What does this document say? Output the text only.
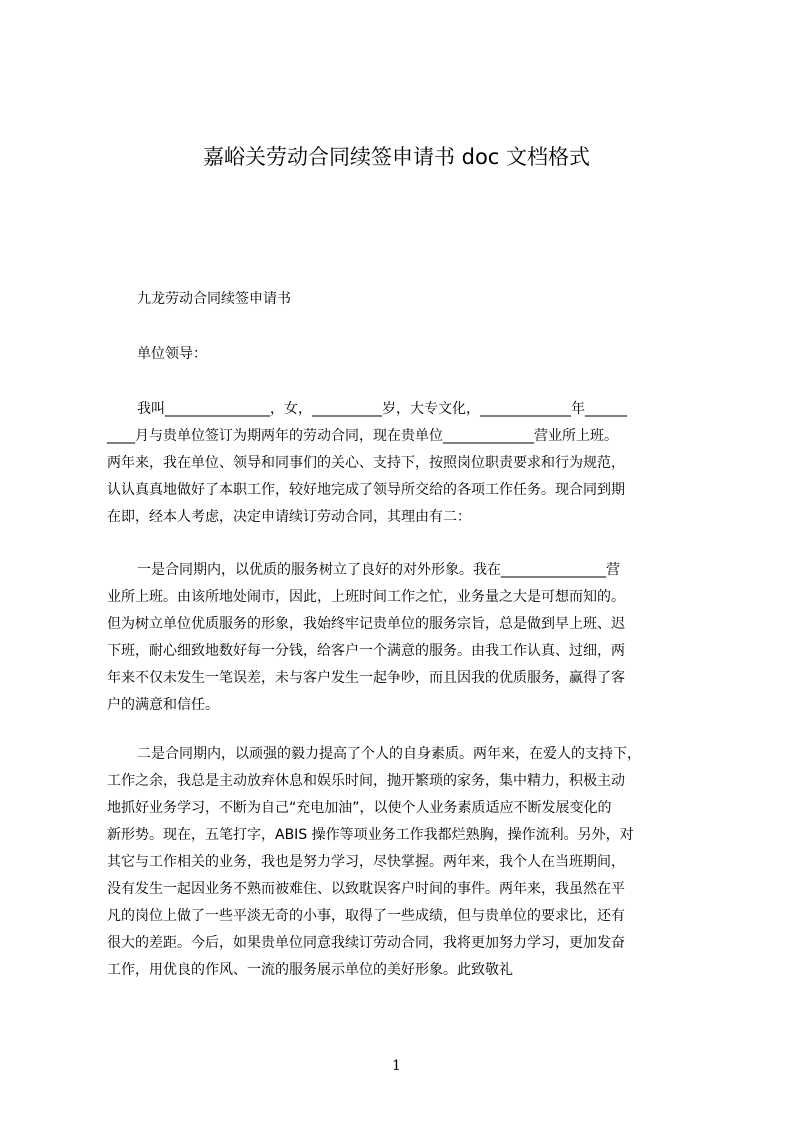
嘉峪关劳动合同续签申请书 doc 文档格式

九龙劳动合同续签申请书

单位领导：

我叫_______________，女，__________岁，大专文化，_____________年______

____月与贵单位签订为期两年的劳动合同，现在贵单位_____________营业所上班。

两年来，我在单位、领导和同事们的关心、支持下，按照岗位职责要求和行为规范，

认认真真地做好了本职工作，较好地完成了领导所交给的各项工作任务。现合同到期

在即，经本人考虑，决定申请续订劳动合同，其理由有二：

一是合同期内，以优质的服务树立了良好的对外形象。我在_______________营

业所上班。由该所地处闹市，因此，上班时间工作之忙，业务量之大是可想而知的。

但为树立单位优质服务的形象，我始终牢记贵单位的服务宗旨，总是做到早上班、迟

下班，耐心细致地数好每一分钱，给客户一个满意的服务。由我工作认真、过细，两

年来不仅未发生一笔误差，未与客户发生一起争吵，而且因我的优质服务，赢得了客

户的满意和信任。

二是合同期内，以顽强的毅力提高了个人的自身素质。两年来，在爱人的支持下，

工作之余，我总是主动放弃休息和娱乐时间，抛开繁琐的家务，集中精力，积极主动

地抓好业务学习，不断为自己“充电加油”，以使个人业务素质适应不断发展变化的

新形势。现在，五笔打字，ABIS 操作等项业务工作我都烂熟胸，操作流利。另外，对

其它与工作相关的业务，我也是努力学习，尽快掌握。两年来，我个人在当班期间，

没有发生一起因业务不熟而被难住、以致耽误客户时间的事件。两年来，我虽然在平

凡的岗位上做了一些平淡无奇的小事，取得了一些成绩，但与贵单位的要求比，还有

很大的差距。今后，如果贵单位同意我续订劳动合同，我将更加努力学习，更加发奋

工作，用优良的作风、一流的服务展示单位的美好形象。此致敬礼

1
